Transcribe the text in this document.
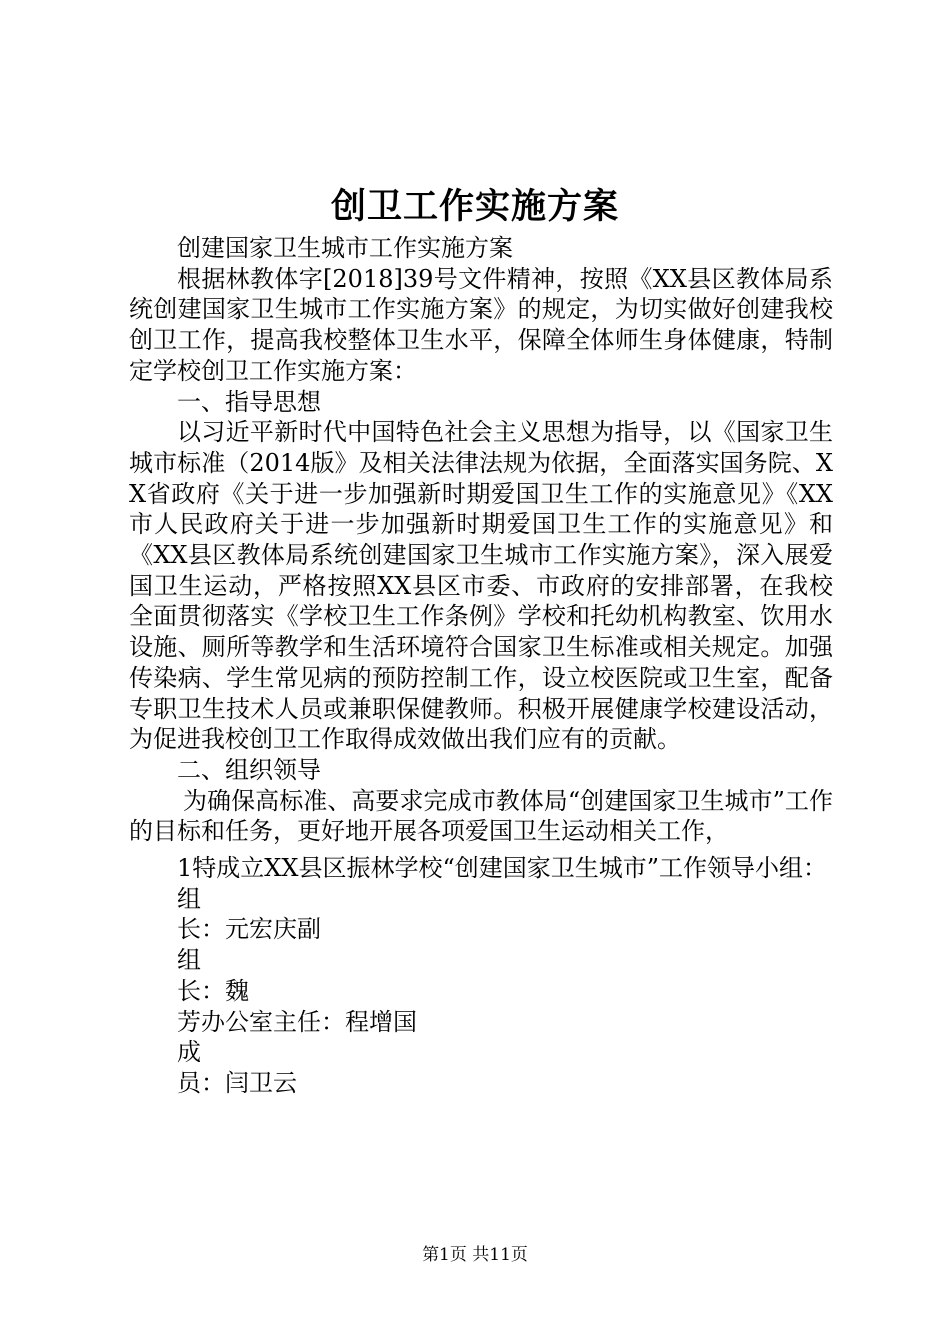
创卫工作实施方案

创建国家卫生城市工作实施方案

根据林教体字[2018]39号文件精神，按照《XX县区教体局系统创建国家卫生城市工作实施方案》的规定，为切实做好创建我校创卫工作，提高我校整体卫生水平，保障全体师生身体健康，特制定学校创卫工作实施方案：

一、指导思想

以习近平新时代中国特色社会主义思想为指导，以《国家卫生城市标准（2014版》及相关法律法规为依据，全面落实国务院、XX省政府《关于进一步加强新时期爱国卫生工作的实施意见》《XX市人民政府关于进一步加强新时期爱国卫生工作的实施意见》和《XX县区教体局系统创建国家卫生城市工作实施方案》，深入展爱国卫生运动，严格按照XX县区市委、市政府的安排部署，在我校全面贯彻落实《学校卫生工作条例》学校和托幼机构教室、饮用水设施、厕所等教学和生活环境符合国家卫生标准或相关规定。加强传染病、学生常见病的预防控制工作，设立校医院或卫生室，配备专职卫生技术人员或兼职保健教师。积极开展健康学校建设活动，为促进我校创卫工作取得成效做出我们应有的贡献。

二、组织领导

为确保高标准、高要求完成市教体局“创建国家卫生城市”工作的目标和任务，更好地开展各项爱国卫生运动相关工作，

1特成立XX县区振林学校“创建国家卫生城市”工作领导小组：

组

长：元宏庆副

组

长：魏

芳办公室主任：程增国

成

员：闫卫云

第1页 共11页
